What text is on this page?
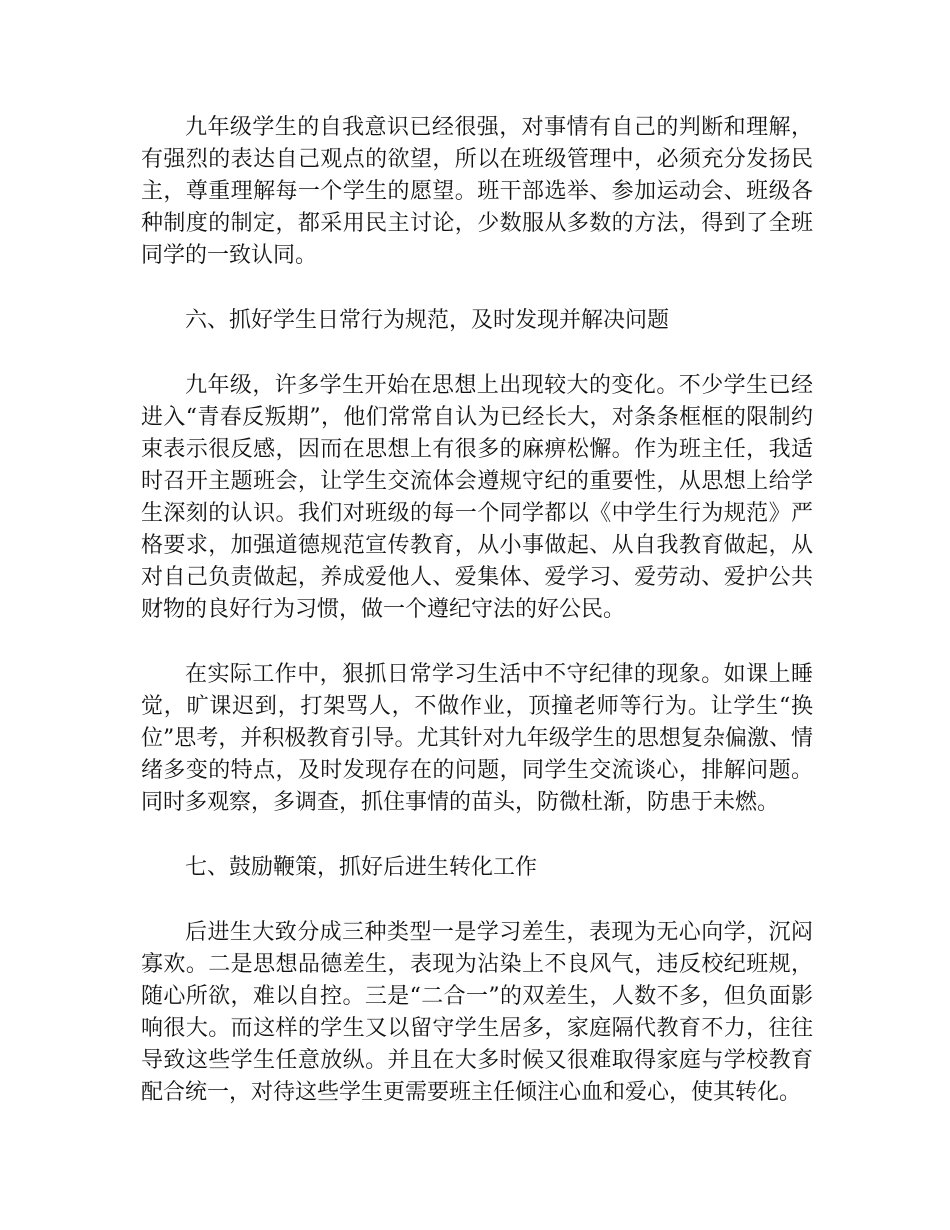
九年级学生的自我意识已经很强，对事情有自己的判断和理解，有强烈的表达自己观点的欲望，所以在班级管理中，必须充分发扬民主，尊重理解每一个学生的愿望。班干部选举、参加运动会、班级各种制度的制定，都采用民主讨论，少数服从多数的方法，得到了全班同学的一致认同。

六、抓好学生日常行为规范，及时发现并解决问题

九年级，许多学生开始在思想上出现较大的变化。不少学生已经进入“青春反叛期”，他们常常自认为已经长大，对条条框框的限制约束表示很反感，因而在思想上有很多的麻痹松懈。作为班主任，我适时召开主题班会，让学生交流体会遵规守纪的重要性，从思想上给学生深刻的认识。我们对班级的每一个同学都以《中学生行为规范》严格要求，加强道德规范宣传教育，从小事做起、从自我教育做起，从对自己负责做起，养成爱他人、爱集体、爱学习、爱劳动、爱护公共财物的良好行为习惯，做一个遵纪守法的好公民。

在实际工作中，狠抓日常学习生活中不守纪律的现象。如课上睡觉，旷课迟到，打架骂人，不做作业，顶撞老师等行为。让学生“换位”思考，并积极教育引导。尤其针对九年级学生的思想复杂偏激、情绪多变的特点，及时发现存在的问题，同学生交流谈心，排解问题。同时多观察，多调查，抓住事情的苗头，防微杜渐，防患于未燃。

七、鼓励鞭策，抓好后进生转化工作

后进生大致分成三种类型一是学习差生，表现为无心向学，沉闷寡欢。二是思想品德差生，表现为沾染上不良风气，违反校纪班规，随心所欲，难以自控。三是“二合一”的双差生，人数不多，但负面影响很大。而这样的学生又以留守学生居多，家庭隔代教育不力，往往导致这些学生任意放纵。并且在大多时候又很难取得家庭与学校教育配合统一，对待这些学生更需要班主任倾注心血和爱心，使其转化。
